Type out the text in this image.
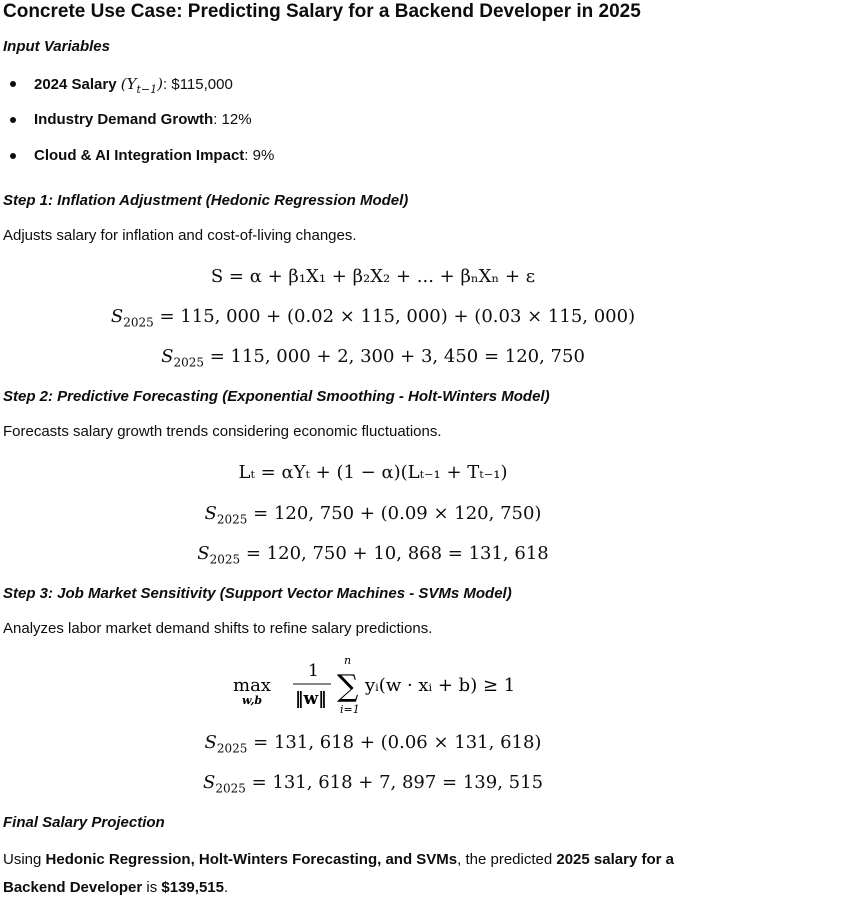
Concrete Use Case: Predicting Salary for a Backend Developer in 2025
Input Variables
2024 Salary $(Y_{t-1})$: $115,000
Industry Demand Growth: 12%
Cloud & AI Integration Impact: 9%
Step 1: Inflation Adjustment (Hedonic Regression Model)
Adjusts salary for inflation and cost-of-living changes.
S = α + β₁X₁ + β₂X₂ + ... + βₙXₙ + ε
$S_{2025} = 115$, 000 + (0.02 × 115, 000) + (0.03 × 115, 000)
$S_{2025} = 115$, 000 + 2, 300 + 3, 450 = 120, 750
Step 2: Predictive Forecasting (Exponential Smoothing - Holt-Winters Model)
Forecasts salary growth trends considering economic fluctuations.
Lₜ = αYₜ + (1 − α)(Lₜ₋₁ + Tₜ₋₁)
$S_{2025} = 120$, 750 + (0.09 × 120, 750)
$S_{2025} = 120$, 750 + 10, 868 = 131, 618
Step 3: Job Market Sensitivity (Support Vector Machines - SVMs Model)
Analyzes labor market demand shifts to refine salary predictions.
max
w,b
1
‖w‖
n
∑
i=1
yᵢ(w · xᵢ + b) ≥ 1
$S_{2025} = 131$, 618 + (0.06 × 131, 618)
$S_{2025} = 131$, 618 + 7, 897 = 139, 515
Final Salary Projection

Using Hedonic Regression, Holt-Winters Forecasting, and SVMs, the predicted 2025 salary for a Backend Developer is $139,515.
